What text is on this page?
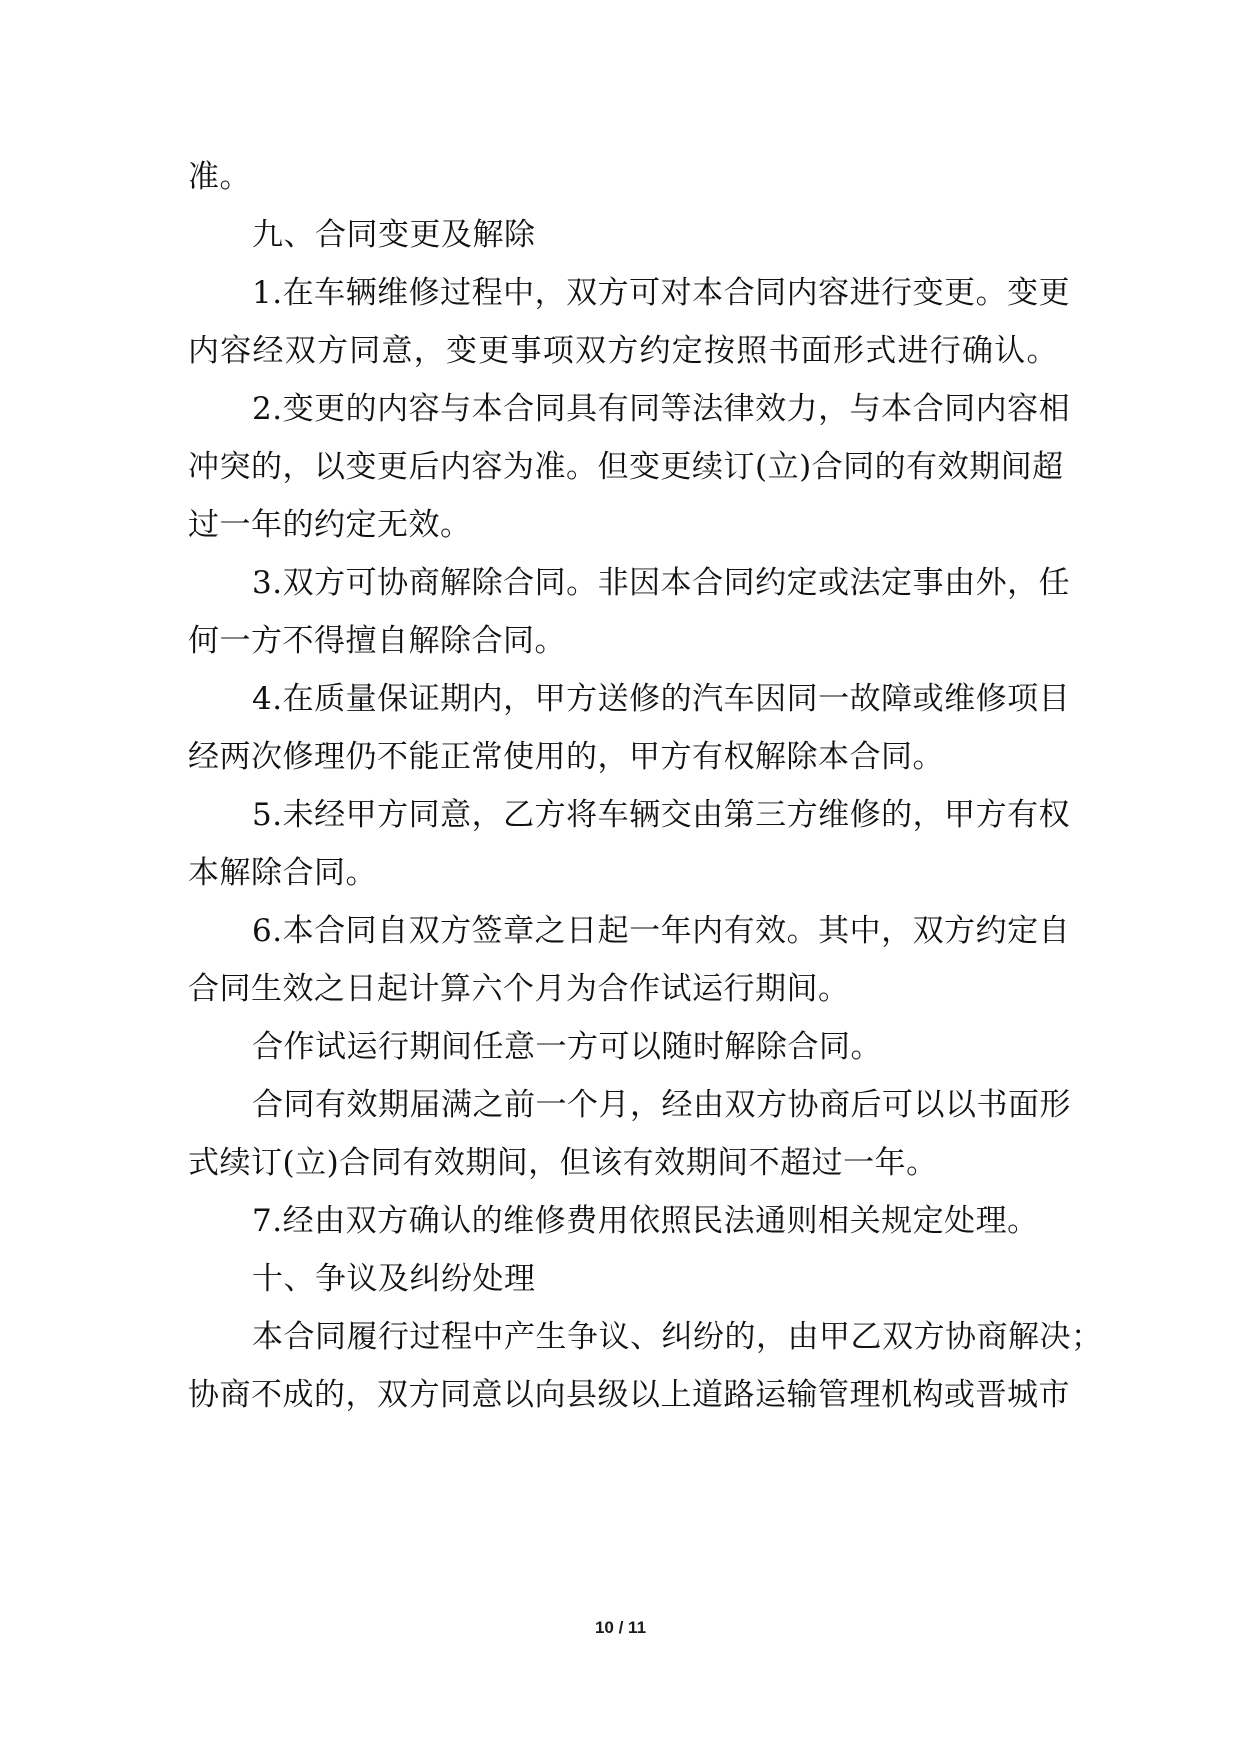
准。
九、合同变更及解除
1.在车辆维修过程中，双方可对本合同内容进行变更。变更
内容经双方同意，变更事项双方约定按照书面形式进行确认。
2.变更的内容与本合同具有同等法律效力，与本合同内容相
冲突的，以变更后内容为准。但变更续订(立)合同的有效期间超
过一年的约定无效。
3.双方可协商解除合同。非因本合同约定或法定事由外，任
何一方不得擅自解除合同。
4.在质量保证期内，甲方送修的汽车因同一故障或维修项目
经两次修理仍不能正常使用的，甲方有权解除本合同。
5.未经甲方同意，乙方将车辆交由第三方维修的，甲方有权
本解除合同。
6.本合同自双方签章之日起一年内有效。其中，双方约定自
合同生效之日起计算六个月为合作试运行期间。
合作试运行期间任意一方可以随时解除合同。
合同有效期届满之前一个月，经由双方协商后可以以书面形
式续订(立)合同有效期间，但该有效期间不超过一年。
7.经由双方确认的维修费用依照民法通则相关规定处理。
十、争议及纠纷处理
本合同履行过程中产生争议、纠纷的，由甲乙双方协商解决；
协商不成的，双方同意以向县级以上道路运输管理机构或晋城市
10 / 11
